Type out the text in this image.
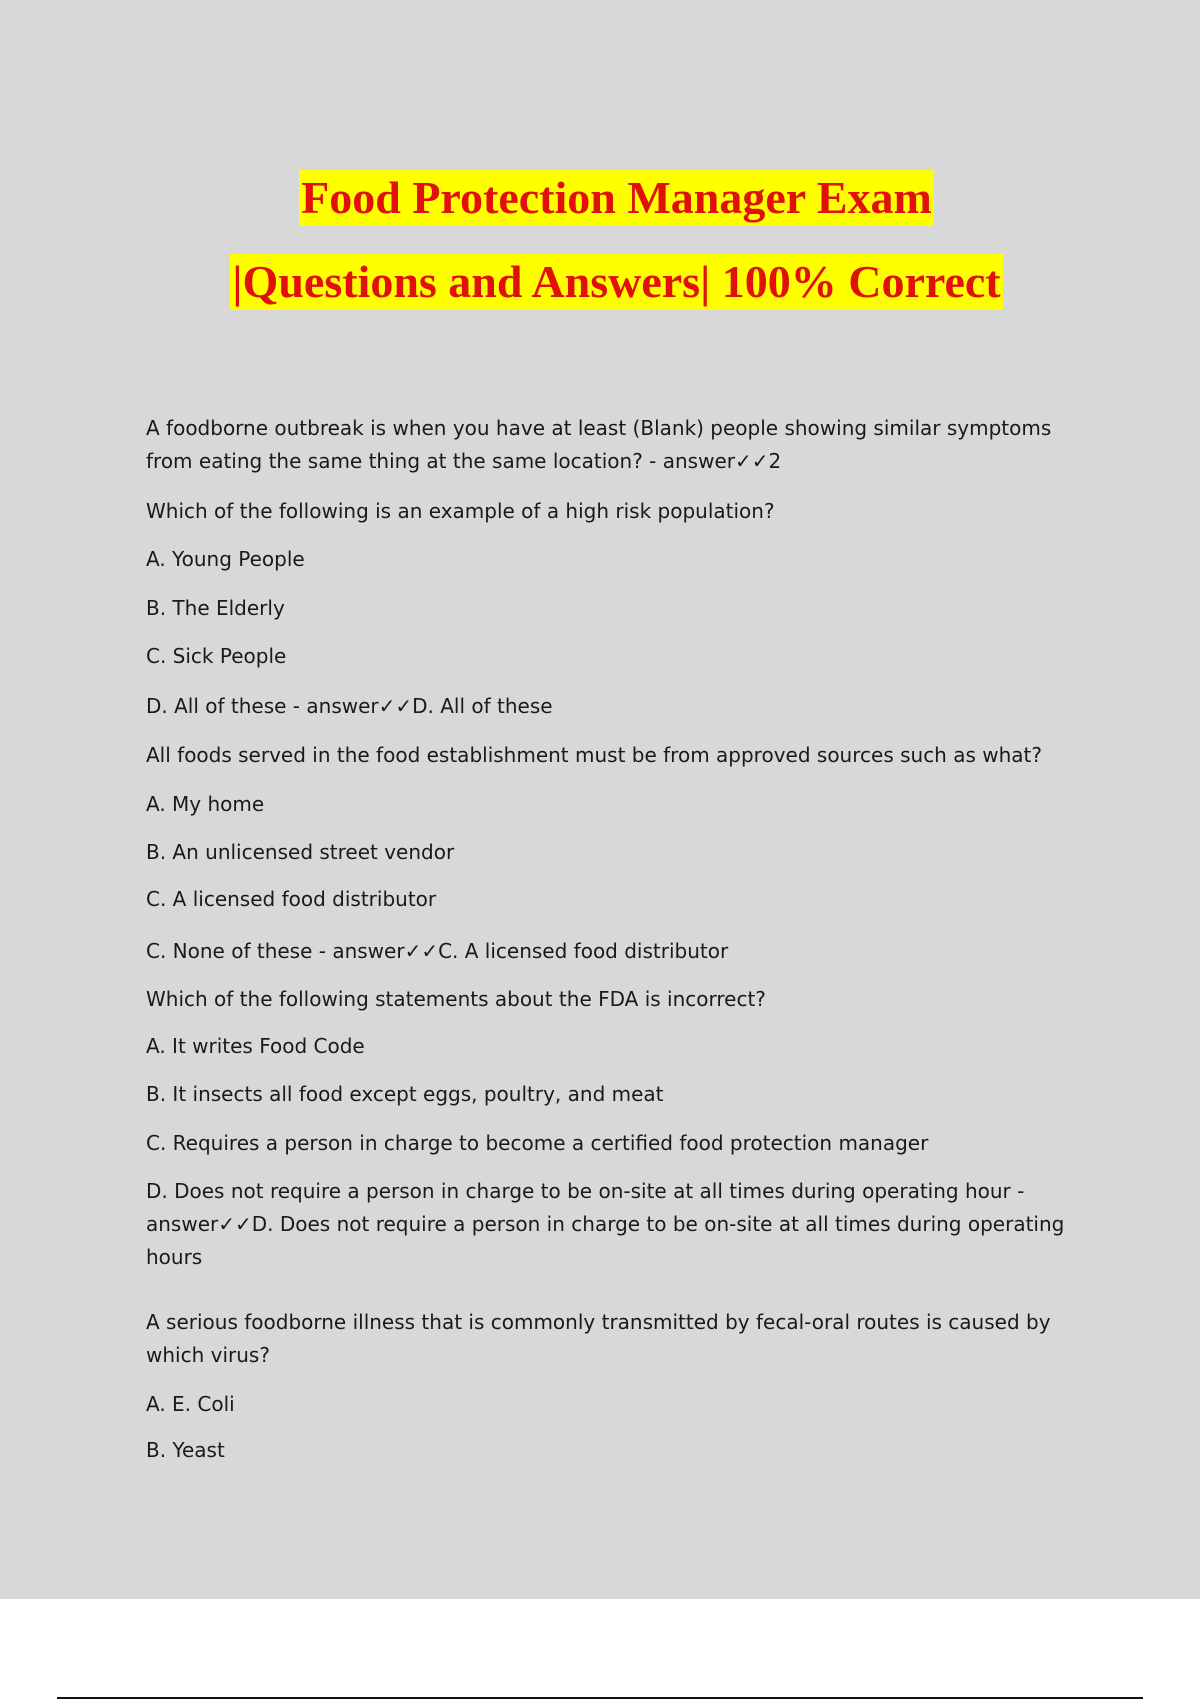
Food Protection Manager Exam
|Questions and Answers| 100% Correct
A foodborne outbreak is when you have at least (Blank) people showing similar symptoms from eating the same thing at the same location? - answer✓✓2
Which of the following is an example of a high risk population?
A. Young People
B. The Elderly
C. Sick People
D. All of these - answer✓✓D. All of these
All foods served in the food establishment must be from approved sources such as what?
A. My home
B. An unlicensed street vendor
C. A licensed food distributor
C. None of these - answer✓✓C. A licensed food distributor
Which of the following statements about the FDA is incorrect?
A. It writes Food Code
B. It insects all food except eggs, poultry, and meat
C. Requires a person in charge to become a certified food protection manager
D. Does not require a person in charge to be on-site at all times during operating hour - answer✓✓D. Does not require a person in charge to be on-site at all times during operating hours
A serious foodborne illness that is commonly transmitted by fecal-oral routes is caused by which virus?
A. E. Coli
B. Yeast
